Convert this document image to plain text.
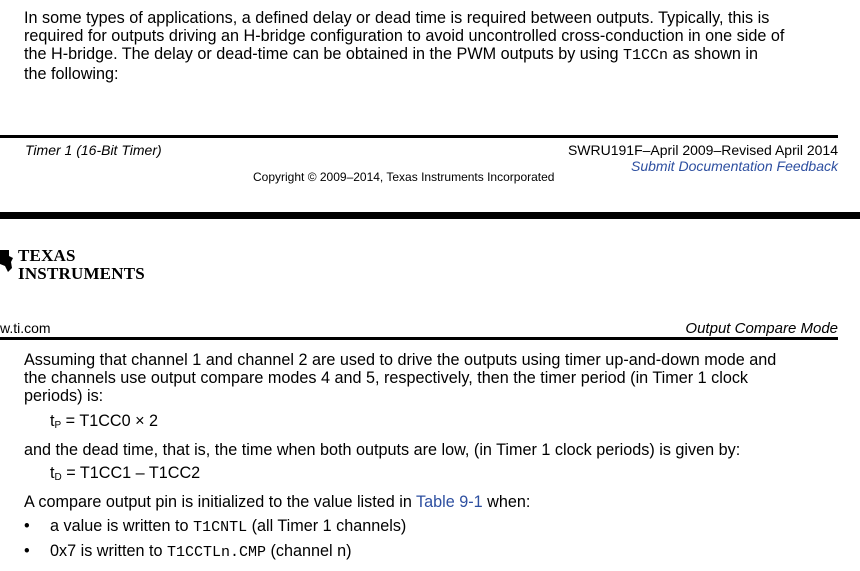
In some types of applications, a defined delay or dead time is required between outputs. Typically, this is
required for outputs driving an H-bridge configuration to avoid uncontrolled cross-conduction in one side of
the H-bridge. The delay or dead-time can be obtained in the PWM outputs by using T1CCn as shown in
the following:
Timer 1 (16-Bit Timer)	SWRU191F–April 2009–Revised April 2014
Submit Documentation Feedback
Copyright © 2009–2014, Texas Instruments Incorporated
TEXAS
INSTRUMENTS
w.ti.com	Output Compare Mode
Assuming that channel 1 and channel 2 are used to drive the outputs using timer up-and-down mode and
the channels use output compare modes 4 and 5, respectively, then the timer period (in Timer 1 clock
periods) is:
$t_P = T1CC0 \times 2$
and the dead time, that is, the time when both outputs are low, (in Timer 1 clock periods) is given by:
$t_D = T1CC1 - T1CC2$
A compare output pin is initialized to the value listed in Table 9-1 when:
• a value is written to T1CNTL (all Timer 1 channels)
• 0x7 is written to T1CCTLn.CMP (channel n)
